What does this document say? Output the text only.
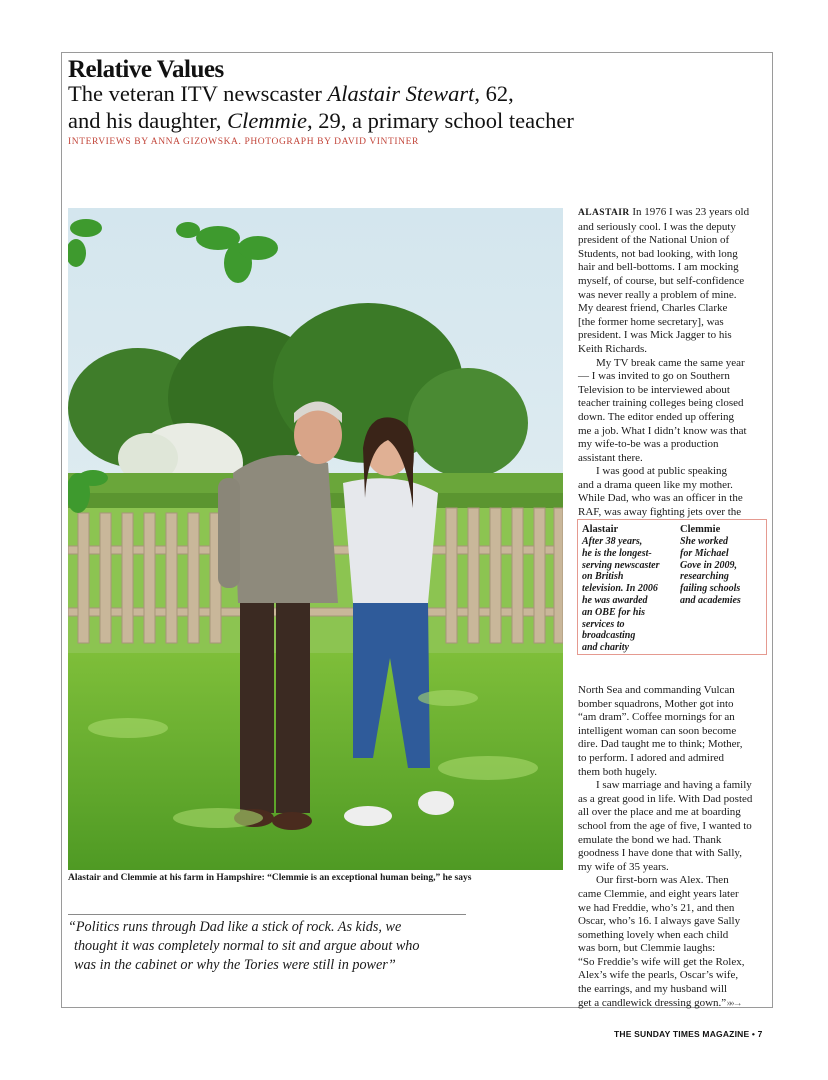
Relative Values
The veteran ITV newscaster Alastair Stewart, 62,
and his daughter, Clemmie, 29, a primary school teacher

INTERVIEWS BY ANNA GIZOWSKA. PHOTOGRAPH BY DAVID VINTINER

Alastair and Clemmie at his farm in Hampshire: “Clemmie is an exceptional human being,” he says

“Politics runs through Dad like a stick of rock. As kids, we
thought it was completely normal to sit and argue about who
was in the cabinet or why the Tories were still in power”

ALASTAIR In 1976 I was 23 years old
and seriously cool. I was the deputy
president of the National Union of
Students, not bad looking, with long
hair and bell-bottoms. I am mocking
myself, of course, but self-confidence
was never really a problem of mine.
My dearest friend, Charles Clarke
[the former home secretary], was
president. I was Mick Jagger to his
Keith Richards.

My TV break came the same year
— I was invited to go on Southern
Television to be interviewed about
teacher training colleges being closed
down. The editor ended up offering
me a job. What I didn’t know was that
my wife-to-be was a production
assistant there.

I was good at public speaking
and a drama queen like my mother.
While Dad, who was an officer in the
RAF, was away fighting jets over the

Alastair
After 38 years,
he is the longest-
serving newscaster
on British
television. In 2006
he was awarded
an OBE for his
services to
broadcasting
and charity
Clemmie
She worked
for Michael
Gove in 2009,
researching
failing schools
and academies

North Sea and commanding Vulcan
bomber squadrons, Mother got into
“am dram”. Coffee mornings for an
intelligent woman can soon become
dire. Dad taught me to think; Mother,
to perform. I adored and admired
them both hugely.

I saw marriage and having a family
as a great good in life. With Dad posted
all over the place and me at boarding
school from the age of five, I wanted to
emulate the bond we had. Thank
goodness I have done that with Sally,
my wife of 35 years.

Our first-born was Alex. Then
came Clemmie, and eight years later
we had Freddie, who’s 21, and then
Oscar, who’s 16. I always gave Sally
something lovely when each child
was born, but Clemmie laughs:
“So Freddie’s wife will get the Rolex,
Alex’s wife the pearls, Oscar’s wife,
the earrings, and my husband will
get a candlewick dressing gown.” »»→

THE SUNDAY TIMES MAGAZINE • 7
